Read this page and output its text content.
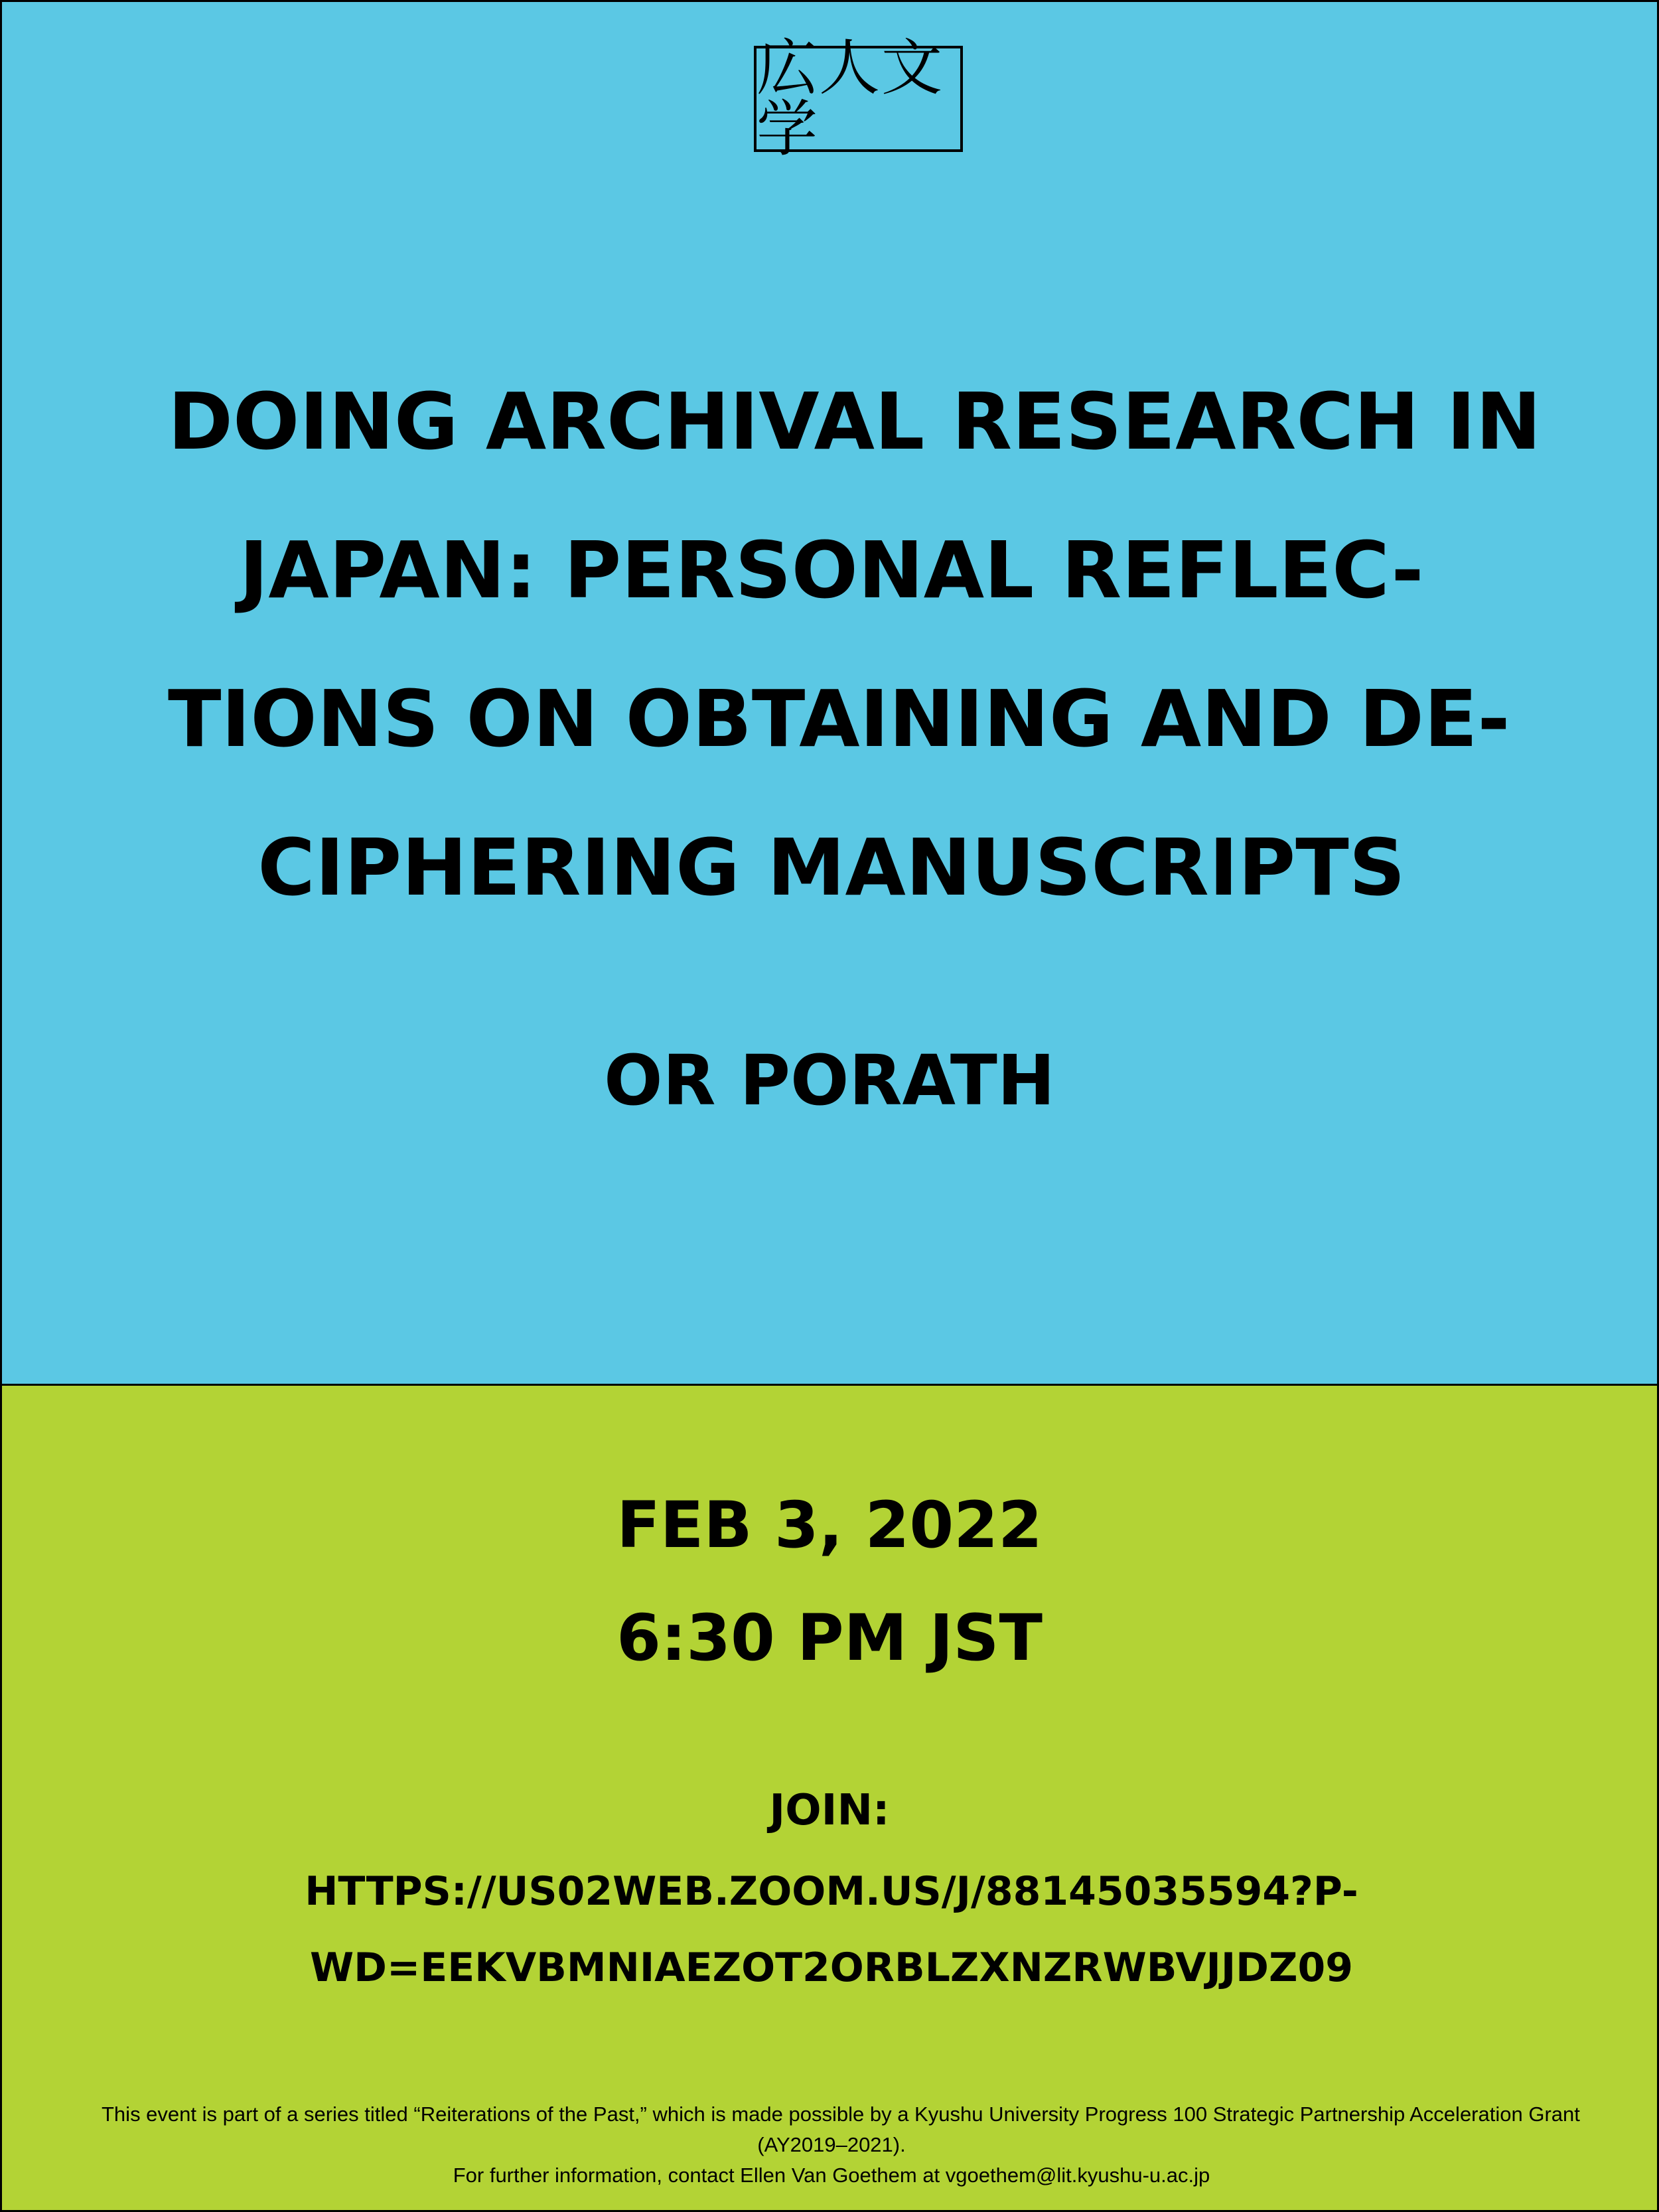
広人文学
DOING ARCHIVAL RESEARCH IN
JAPAN: PERSONAL REFLEC-
TIONS ON OBTAINING AND DE-
CIPHERING MANUSCRIPTS
OR PORATH
FEB 3, 2022
6:30 PM JST
JOIN:
HTTPS://US02WEB.ZOOM.US/J/88145035594?P-
WD=EEKVBMNIAEZOT2ORBLZXNZRWBVJJDZ09
This event is part of a series titled “Reiterations of the Past,” which is made possible by a Kyushu University Progress 100 Strategic Partnership Acceleration Grant
(AY2019–2021).
For further information, contact Ellen Van Goethem at vgoethem@lit.kyushu-u.ac.jp
